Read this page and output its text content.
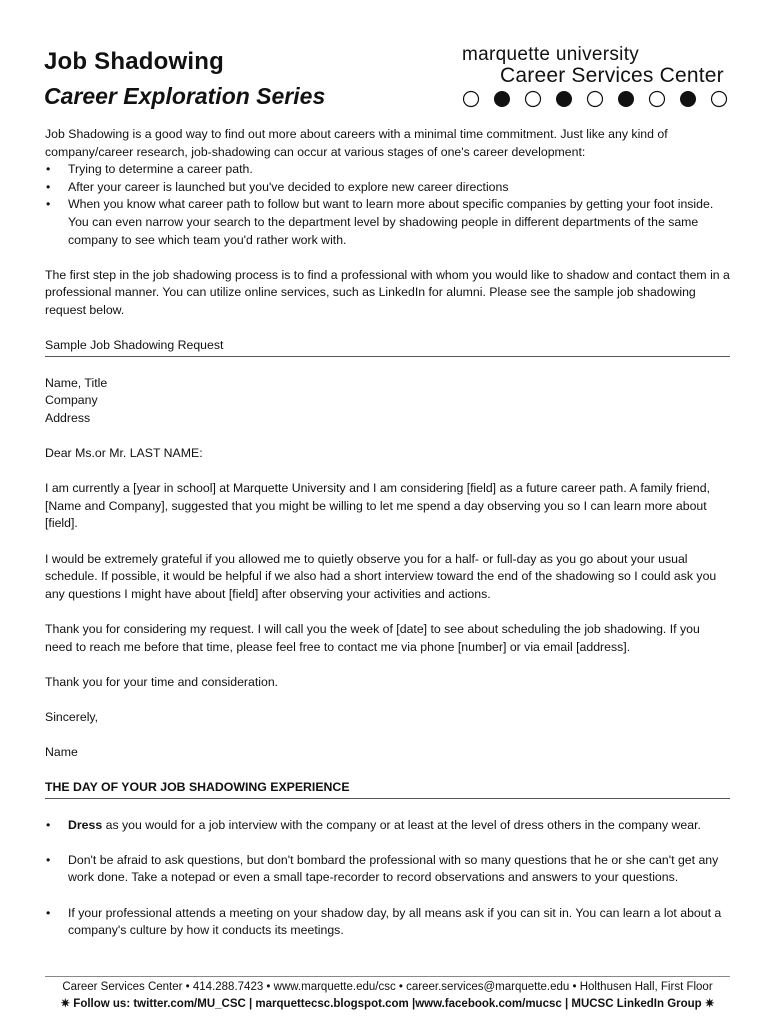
Job Shadowing
Career Exploration Series
marquette university
Career Services Center

Job Shadowing is a good way to find out more about careers with a minimal time commitment. Just like any kind of company/career research, job-shadowing can occur at various stages of one's career development:

• Trying to determine a career path.
• After your career is launched but you've decided to explore new career directions
• When you know what career path to follow but want to learn more about specific companies by getting your foot inside. You can even narrow your search to the department level by shadowing people in different departments of the same company to see which team you'd rather work with.

The first step in the job shadowing process is to find a professional with whom you would like to shadow and contact them in a professional manner. You can utilize online services, such as LinkedIn for alumni. Please see the sample job shadowing request below.

Sample Job Shadowing Request

Name, Title

Company

Address

Dear Ms.or Mr. LAST NAME:

I am currently a [year in school] at Marquette University and I am considering [field] as a future career path. A family friend, [Name and Company], suggested that you might be willing to let me spend a day observing you so I can learn more about [field].

I would be extremely grateful if you allowed me to quietly observe you for a half- or full-day as you go about your usual schedule. If possible, it would be helpful if we also had a short interview toward the end of the shadowing so I could ask you any questions I might have about [field] after observing your activities and actions.

Thank you for considering my request. I will call you the week of [date] to see about scheduling the job shadowing. If you need to reach me before that time, please feel free to contact me via phone [number] or via email [address].

Thank you for your time and consideration.

Sincerely,

Name

THE DAY OF YOUR JOB SHADOWING EXPERIENCE

• Dress as you would for a job interview with the company or at least at the level of dress others in the company wear.
• Don't be afraid to ask questions, but don't bombard the professional with so many questions that he or she can't get any work done. Take a notepad or even a small tape-recorder to record observations and answers to your questions.
• If your professional attends a meeting on your shadow day, by all means ask if you can sit in. You can learn a lot about a company's culture by how it conducts its meetings.
Career Services Center • 414.288.7423 • www.marquette.edu/csc • career.services@marquette.edu • Holthusen Hall, First Floor
✷ Follow us: twitter.com/MU_CSC | marquettecsc.blogspot.com |www.facebook.com/mucsc | MUCSC LinkedIn Group ✷
